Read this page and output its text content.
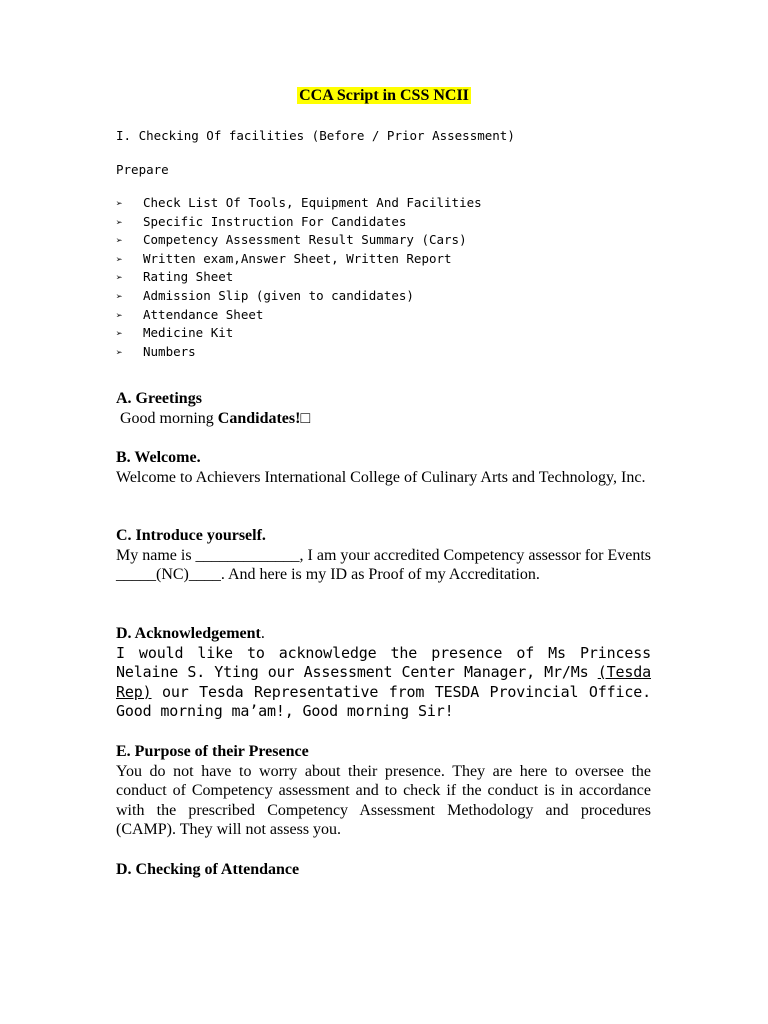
CCA Script in CSS NCII

I. Checking Of facilities (Before / Prior Assessment)

Prepare

➢ Check List Of Tools, Equipment And Facilities
➢ Specific Instruction For Candidates
➢ Competency Assessment Result Summary (Cars)
➢ Written exam,Answer Sheet, Written Report
➢ Rating Sheet
➢ Admission Slip (given to candidates)
➢ Attendance Sheet
➢ Medicine Kit
➢ Numbers

A. Greetings

Good morning Candidates!□

B. Welcome.

Welcome to Achievers International College of Culinary Arts and Technology, Inc.

C. Introduce yourself.

My name is _____________, I am your accredited Competency assessor for Events _____(NC)____. And here is my ID as Proof of my Accreditation.

D. Acknowledgement.

I would like to acknowledge the presence of Ms Princess Nelaine S. Yting our Assessment Center Manager, Mr/Ms (Tesda Rep) our Tesda Representative from TESDA Provincial Office. Good morning ma’am!, Good morning Sir!

E. Purpose of their Presence

You do not have to worry about their presence. They are here to oversee the conduct of Competency assessment and to check if the conduct is in accordance with the prescribed Competency Assessment Methodology and procedures (CAMP). They will not assess you.

D. Checking of Attendance
